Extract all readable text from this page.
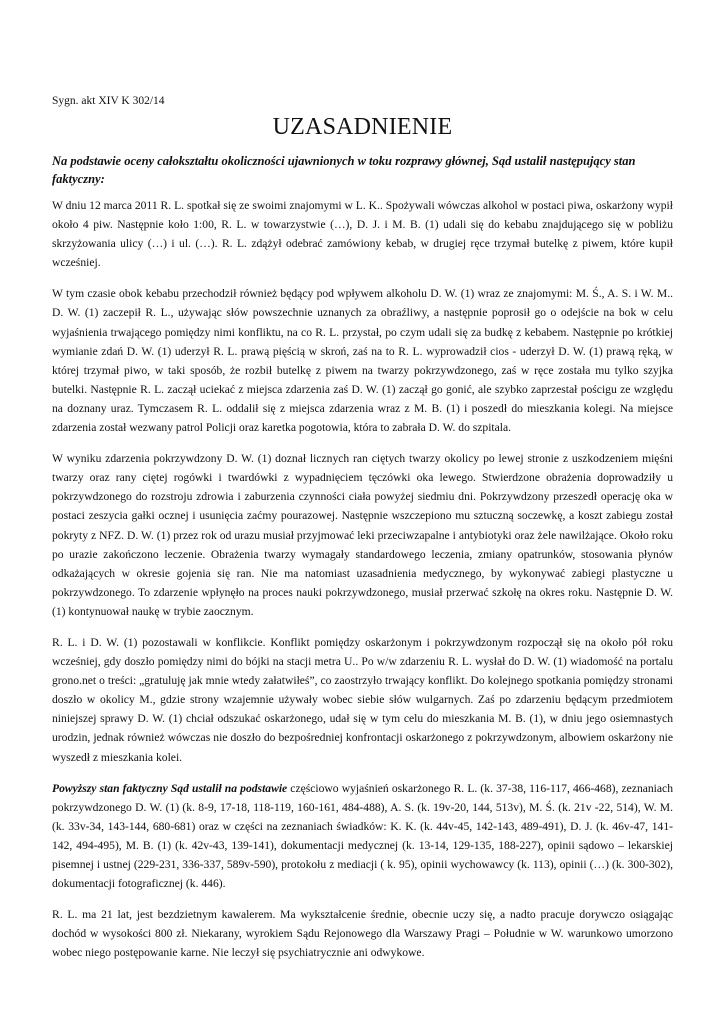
Sygn. akt XIV K 302/14
UZASADNIENIE
Na podstawie oceny całokształtu okoliczności ujawnionych w toku rozprawy głównej, Sąd ustalił następujący stan faktyczny:

W dniu 12 marca 2011 R. L. spotkał się ze swoimi znajomymi w L. K.. Spożywali wówczas alkohol w postaci piwa, oskarżony wypił około 4 piw. Następnie koło 1:00, R. L. w towarzystwie (…), D. J. i M. B. (1) udali się do kebabu znajdującego się w pobliżu skrzyżowania ulicy (…) i ul. (…). R. L. zdążył odebrać zamówiony kebab, w drugiej ręce trzymał butelkę z piwem, które kupił wcześniej.

W tym czasie obok kebabu przechodził również będący pod wpływem alkoholu D. W. (1) wraz ze znajomymi: M. Ś., A. S. i W. M.. D. W. (1) zaczepił R. L., używając słów powszechnie uznanych za obraźliwy, a następnie poprosił go o odejście na bok w celu wyjaśnienia trwającego pomiędzy nimi konfliktu, na co R. L. przystał, po czym udali się za budkę z kebabem. Następnie po krótkiej wymianie zdań D. W. (1) uderzył R. L. prawą pięścią w skroń, zaś na to R. L. wyprowadził cios - uderzył D. W. (1) prawą ręką, w której trzymał piwo, w taki sposób, że rozbił butelkę z piwem na twarzy pokrzywdzonego, zaś w ręce została mu tylko szyjka butelki. Następnie R. L. zaczął uciekać z miejsca zdarzenia zaś D. W. (1) zaczął go gonić, ale szybko zaprzestał pościgu ze względu na doznany uraz. Tymczasem R. L. oddalił się z miejsca zdarzenia wraz z M. B. (1) i poszedł do mieszkania kolegi. Na miejsce zdarzenia został wezwany patrol Policji oraz karetka pogotowia, która to zabrała D. W. do szpitala.

W wyniku zdarzenia pokrzywdzony D. W. (1) doznał licznych ran ciętych twarzy okolicy po lewej stronie z uszkodzeniem mięśni twarzy oraz rany ciętej rogówki i twardówki z wypadnięciem tęczówki oka lewego. Stwierdzone obrażenia doprowadziły u pokrzywdzonego do rozstroju zdrowia i zaburzenia czynności ciała powyżej siedmiu dni. Pokrzywdzony przeszedł operację oka w postaci zeszycia gałki ocznej i usunięcia zaćmy pourazowej. Następnie wszczepiono mu sztuczną soczewkę, a koszt zabiegu został pokryty z NFZ. D. W. (1) przez rok od urazu musiał przyjmować leki przeciwzapalne i antybiotyki oraz żele nawilżające. Około roku po urazie zakończono leczenie. Obrażenia twarzy wymagały standardowego leczenia, zmiany opatrunków, stosowania płynów odkażających w okresie gojenia się ran. Nie ma natomiast uzasadnienia medycznego, by wykonywać zabiegi plastyczne u pokrzywdzonego. To zdarzenie wpłynęło na proces nauki pokrzywdzonego, musiał przerwać szkołę na okres roku. Następnie D. W. (1) kontynuował naukę w trybie zaocznym.

R. L. i D. W. (1) pozostawali w konflikcie. Konflikt pomiędzy oskarżonym i pokrzywdzonym rozpoczął się na około pół roku wcześniej, gdy doszło pomiędzy nimi do bójki na stacji metra U.. Po w/w zdarzeniu R. L. wysłał do D. W. (1) wiadomość na portalu grono.net o treści: „gratuluję jak mnie wtedy załatwiłeś”, co zaostrzyło trwający konflikt. Do kolejnego spotkania pomiędzy stronami doszło w okolicy M., gdzie strony wzajemnie używały wobec siebie słów wulgarnych. Zaś po zdarzeniu będącym przedmiotem niniejszej sprawy D. W. (1) chciał odszukać oskarżonego, udał się w tym celu do mieszkania M. B. (1), w dniu jego osiemnastych urodzin, jednak również wówczas nie doszło do bezpośredniej konfrontacji oskarżonego z pokrzywdzonym, albowiem oskarżony nie wyszedł z mieszkania kolei.

Powyższy stan faktyczny Sąd ustalił na podstawie częściowo wyjaśnień oskarżonego R. L. (k. 37-38, 116-117, 466-468), zeznaniach pokrzywdzonego D. W. (1) (k. 8-9, 17-18, 118-119, 160-161, 484-488), A. S. (k. 19v-20, 144, 513v), M. Ś. (k. 21v -22, 514), W. M. (k. 33v-34, 143-144, 680-681) oraz w części na zeznaniach świadków: K. K. (k. 44v-45, 142-143, 489-491), D. J. (k. 46v-47, 141-142, 494-495), M. B. (1) (k. 42v-43, 139-141), dokumentacji medycznej (k. 13-14, 129-135, 188-227), opinii sądowo – lekarskiej pisemnej i ustnej (229-231, 336-337, 589v-590), protokołu z mediacji ( k. 95), opinii wychowawcy (k. 113), opinii (…) (k. 300-302), dokumentacji fotograficznej (k. 446).

R. L. ma 21 lat, jest bezdzietnym kawalerem. Ma wykształcenie średnie, obecnie uczy się, a nadto pracuje dorywczo osiągając dochód w wysokości 800 zł. Niekarany, wyrokiem Sądu Rejonowego dla Warszawy Pragi – Południe w W. warunkowo umorzono wobec niego postępowanie karne. Nie leczył się psychiatrycznie ani odwykowe.
